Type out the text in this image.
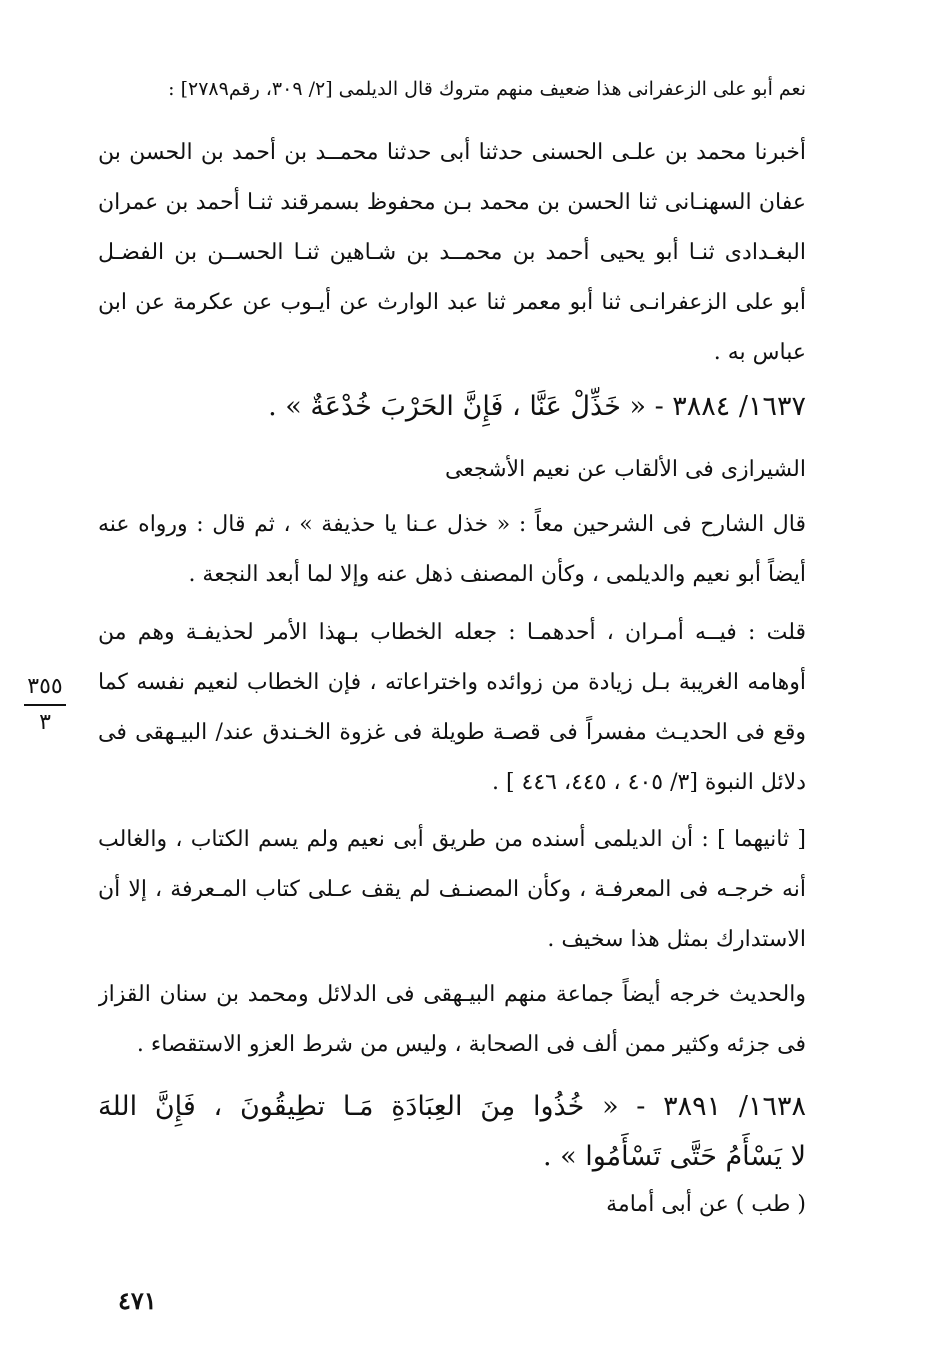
نعم أبو على الزعفرانى هذا ضعيف منهم متروك قال الديلمى [٢/ ٣٠٩، رقم٢٧٨٩] :
أخبرنا محمد بن علـى الحسنى حدثنا أبى حدثنا محمــد بن أحمد بن الحسن بن
عفان السهنـانى ثنا الحسن بن محمد بـن محفوظ بسمرقند ثنـا أحمد بن عمران
البغـدادى ثنـا أبو يحيى أحمد بن محمــد بن شـاهين ثنـا الحســن بن الفضـل
أبو على الزعفرانـى ثنا أبو معمر ثنا عبد الوارث عن أيـوب عن عكرمة عن ابن
عباس به .
١٦٣٧/ ٣٨٨٤ - « خَذِّلْ عَنَّا ، فَإِنَّ الحَرْبَ خُدْعَةٌ » .
الشيرازى فى الألقاب عن نعيم الأشجعى
قال الشارح فى الشرحين معاً : « خذل عـنا يا حذيفة » ، ثم قال : ورواه عنه
أيضاً أبو نعيم والديلمى ، وكأن المصنف ذهل عنه وإلا لما أبعد النجعة .
قلت : فيــه أمـران ، أحدهمـا : جعله الخطاب بـهذا الأمر لحذيفـة وهم من
أوهامه الغريبة بـل زيادة من زوائده واختراعاته ، فإن الخطاب لنعيم نفسه كما
وقع فى الحديـث مفسراً فى قصـة طويلة فى غزوة الخـندق عند/ البيـهقى فى
دلائل النبوة [٣/ ٤٠٥ ، ٤٤٥، ٤٤٦ ] .
[ ثانيهما ] : أن الديلمى أسنده من طريق أبى نعيم ولم يسم الكتاب ، والغالب
أنه خرجـه فى المعرفـة ، وكأن المصنـف لم يقف عـلى كتاب المـعرفة ، إلا أن
الاستدارك بمثل هذا سخيف .
والحديث خرجه أيضاً جماعة منهم البيـهقى فى الدلائل ومحمد بن سنان القزاز
فى جزئه وكثير ممن ألف فى الصحابة ، وليس من شرط العزو الاستقصاء .
١٦٣٨/ ٣٨٩١ - « خُذُوا مِنَ العِبَادَةِ مَـا تطِيقُونَ ، فَإِنَّ اللهَ
لا يَسْأَمُ حَتَّى تَسْأَمُوا » .
( طب ) عن أبى أمامة
٣٥٥
٣
٤٧١
